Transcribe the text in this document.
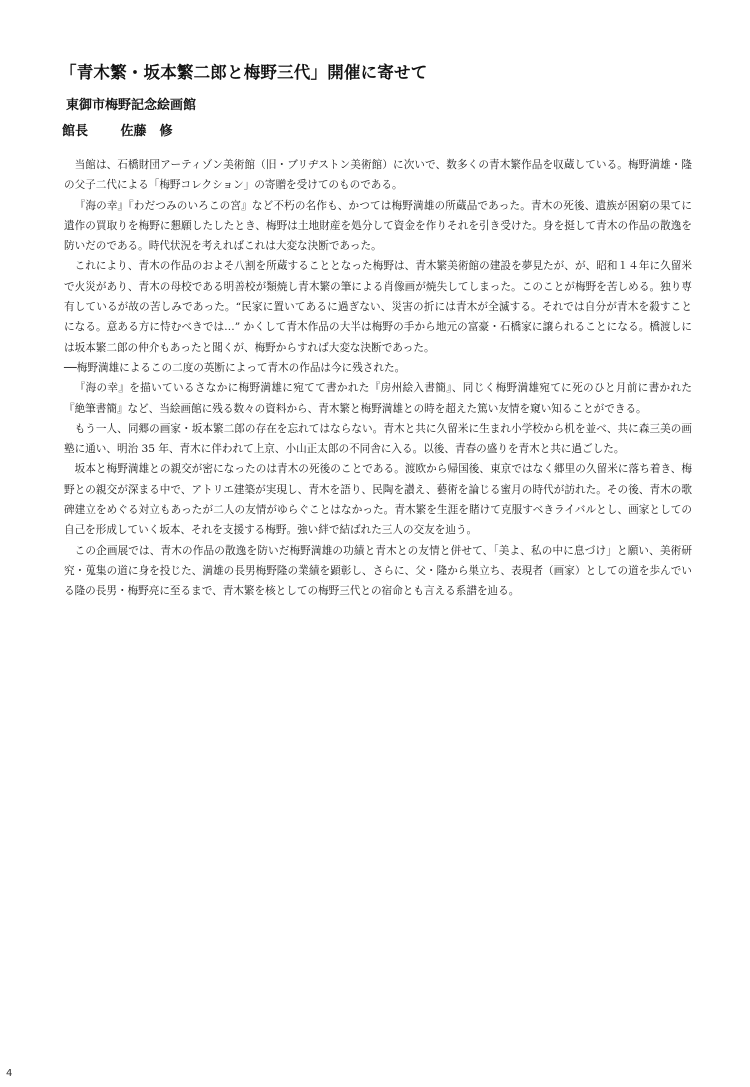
「青木繁・坂本繁二郎と梅野三代」開催に寄せて
東御市梅野記念絵画館
館長	佐藤　修

当館は、石橋財団アーティゾン美術館（旧・ブリヂストン美術館）に次いで、数多くの青木繁作品を収蔵している。梅野満雄・隆の父子二代による「梅野コレクション」の寄贈を受けてのものである。

『海の幸』『わだつみのいろこの宮』など不朽の名作も、かつては梅野満雄の所蔵品であった。青木の死後、遺族が困窮の果てに遺作の買取りを梅野に懇願したしたとき、梅野は土地財産を処分して資金を作りそれを引き受けた。身を挺して青木の作品の散逸を防いだのである。時代状況を考えればこれは大変な決断であった。

これにより、青木の作品のおよそ八割を所蔵することとなった梅野は、青木繁美術館の建設を夢見たが、が、昭和１４年に久留米で火災があり、青木の母校である明善校が類焼し青木繁の筆による肖像画が焼失してしまった。このことが梅野を苦しめる。独り専有しているが故の苦しみであった。“民家に置いてあるに過ぎない、災害の折には青木が全滅する。それでは自分が青木を殺すことになる。意ある方に恃むべきでは…” かくして青木作品の大半は梅野の手から地元の富豪・石橋家に譲られることになる。橋渡しには坂本繁二郎の仲介もあったと聞くが、梅野からすれば大変な決断であった。

──梅野満雄によるこの二度の英断によって青木の作品は今に残された。

『海の幸』を描いているさなかに梅野満雄に宛てて書かれた『房州絵入書簡』、同じく梅野満雄宛てに死のひと月前に書かれた『絶筆書簡』など、当絵画館に残る数々の資料から、青木繁と梅野満雄との時を超えた篤い友情を窺い知ることができる。

もう一人、同郷の画家・坂本繁二郎の存在を忘れてはならない。青木と共に久留米に生まれ小学校から机を並べ、共に森三美の画塾に通い、明治 35 年、青木に伴われて上京、小山正太郎の不同舎に入る。以後、青春の盛りを青木と共に過ごした。

坂本と梅野満雄との親交が密になったのは青木の死後のことである。渡欧から帰国後、東京ではなく郷里の久留米に落ち着き、梅野との親交が深まる中で、アトリエ建築が実現し、青木を語り、民陶を讃え、藝術を論じる蜜月の時代が訪れた。その後、青木の歌碑建立をめぐる対立もあったが二人の友情がゆらぐことはなかった。青木繁を生涯を賭けて克服すべきライバルとし、画家としての自己を形成していく坂本、それを支援する梅野。強い絆で結ばれた三人の交友を辿う。

この企画展では、青木の作品の散逸を防いだ梅野満雄の功績と青木との友情と併せて、「美よ、私の中に息づけ」と願い、美術研究・蒐集の道に身を投じた、満雄の長男梅野隆の業績を顕彰し、さらに、父・隆から巣立ち、表現者（画家）としての道を歩んでいる隆の長男・梅野亮に至るまで、青木繁を核としての梅野三代との宿命とも言える系譜を辿る。

4
